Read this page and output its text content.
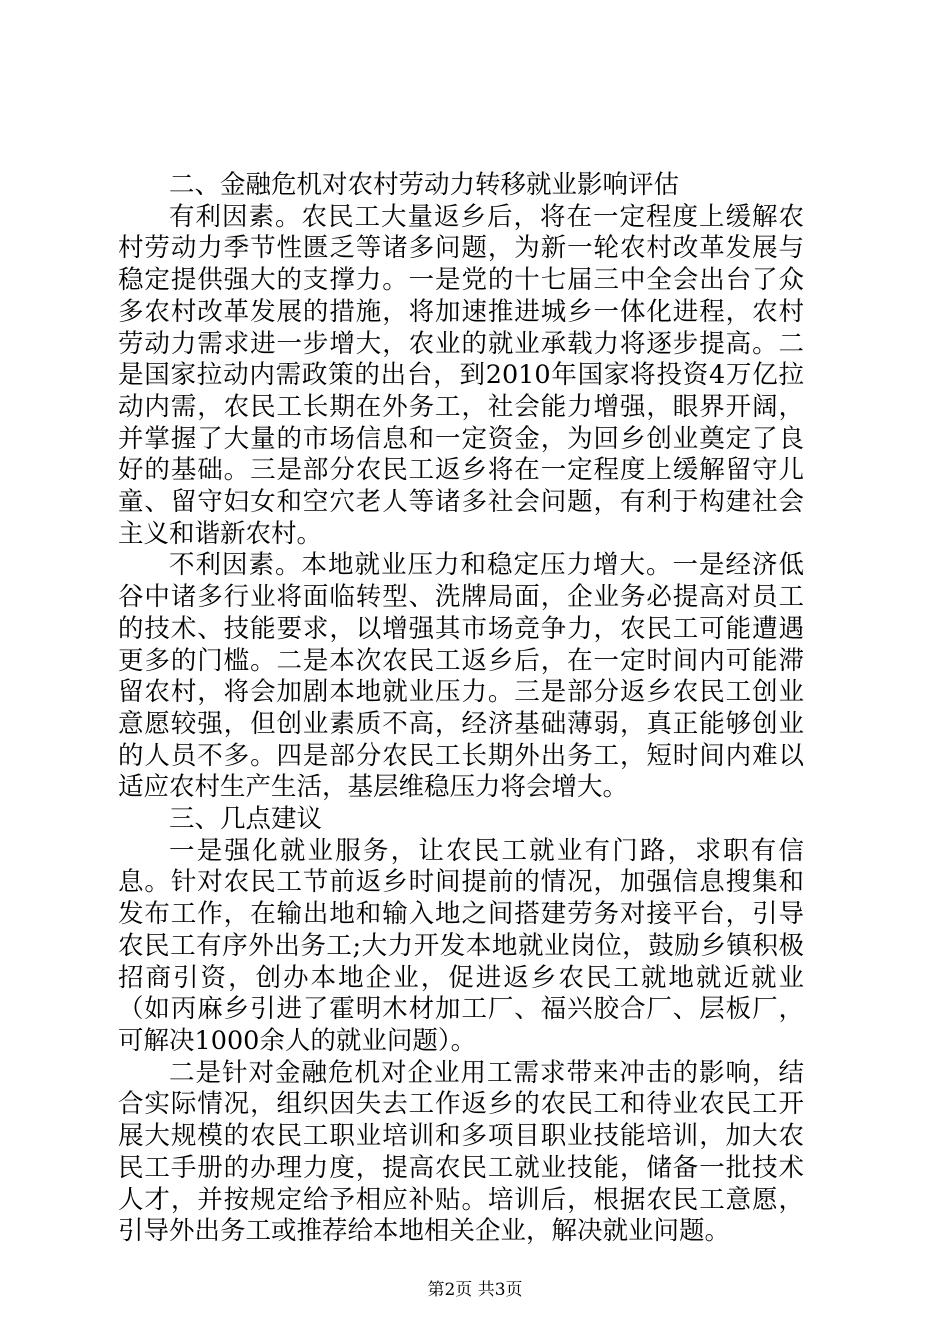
二、金融危机对农村劳动力转移就业影响评估

有利因素。农民工大量返乡后，将在一定程度上缓解农村劳动力季节性匮乏等诸多问题，为新一轮农村改革发展与稳定提供强大的支撑力。一是党的十七届三中全会出台了众多农村改革发展的措施，将加速推进城乡一体化进程，农村劳动力需求进一步增大，农业的就业承载力将逐步提高。二是国家拉动内需政策的出台，到2010年国家将投资4万亿拉动内需，农民工长期在外务工，社会能力增强，眼界开阔，并掌握了大量的市场信息和一定资金，为回乡创业奠定了良好的基础。三是部分农民工返乡将在一定程度上缓解留守儿童、留守妇女和空穴老人等诸多社会问题，有利于构建社会主义和谐新农村。

不利因素。本地就业压力和稳定压力增大。一是经济低谷中诸多行业将面临转型、洗牌局面，企业务必提高对员工的技术、技能要求，以增强其市场竞争力，农民工可能遭遇更多的门槛。二是本次农民工返乡后，在一定时间内可能滞留农村，将会加剧本地就业压力。三是部分返乡农民工创业意愿较强，但创业素质不高，经济基础薄弱，真正能够创业的人员不多。四是部分农民工长期外出务工，短时间内难以适应农村生产生活，基层维稳压力将会增大。

三、几点建议

一是强化就业服务，让农民工就业有门路，求职有信息。针对农民工节前返乡时间提前的情况，加强信息搜集和发布工作，在输出地和输入地之间搭建劳务对接平台，引导农民工有序外出务工;大力开发本地就业岗位，鼓励乡镇积极招商引资，创办本地企业，促进返乡农民工就地就近就业（如丙麻乡引进了霍明木材加工厂、福兴胶合厂、层板厂，可解决1000余人的就业问题）。

二是针对金融危机对企业用工需求带来冲击的影响，结合实际情况，组织因失去工作返乡的农民工和待业农民工开展大规模的农民工职业培训和多项目职业技能培训，加大农民工手册的办理力度，提高农民工就业技能，储备一批技术人才，并按规定给予相应补贴。培训后，根据农民工意愿，引导外出务工或推荐给本地相关企业，解决就业问题。

第2页 共3页
